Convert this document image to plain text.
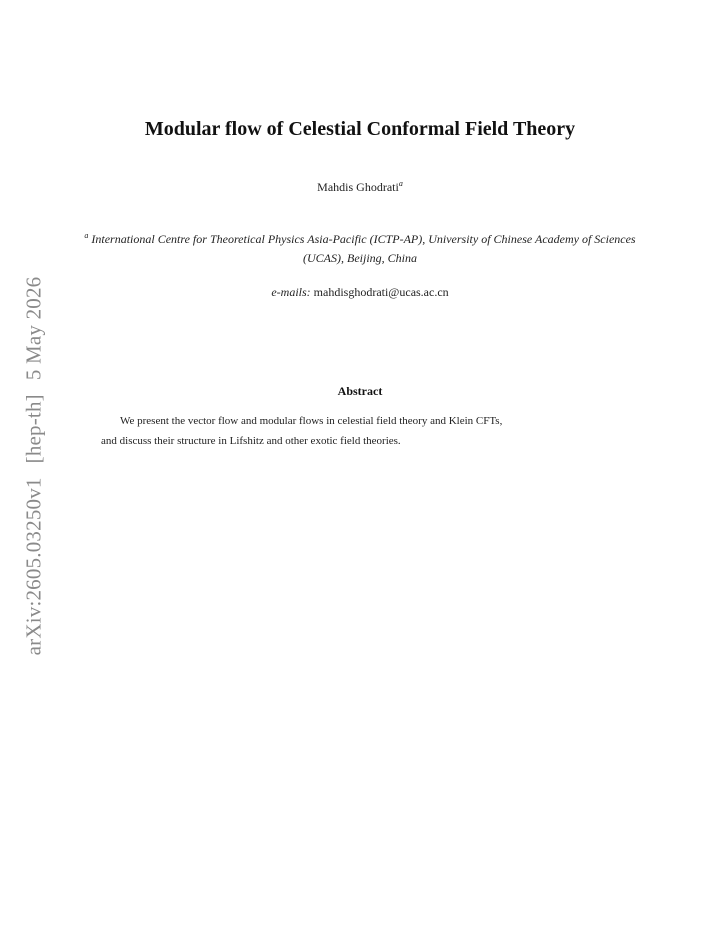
arXiv:2605.03250v1[hep-th]5 May 2026
Modular flow of Celestial Conformal Field Theory
Mahdis Ghodrati$^a$
$^a$ International Centre for Theoretical Physics Asia-Pacific (ICTP-AP), University of Chinese Academy of Sciences (UCAS), Beijing, China
e-mails: mahdisghodrati@ucas.ac.cn
Abstract
We present the vector flow and modular flows in celestial field theory and Klein CFTs,
and discuss their structure in Lifshitz and other exotic field theories.
